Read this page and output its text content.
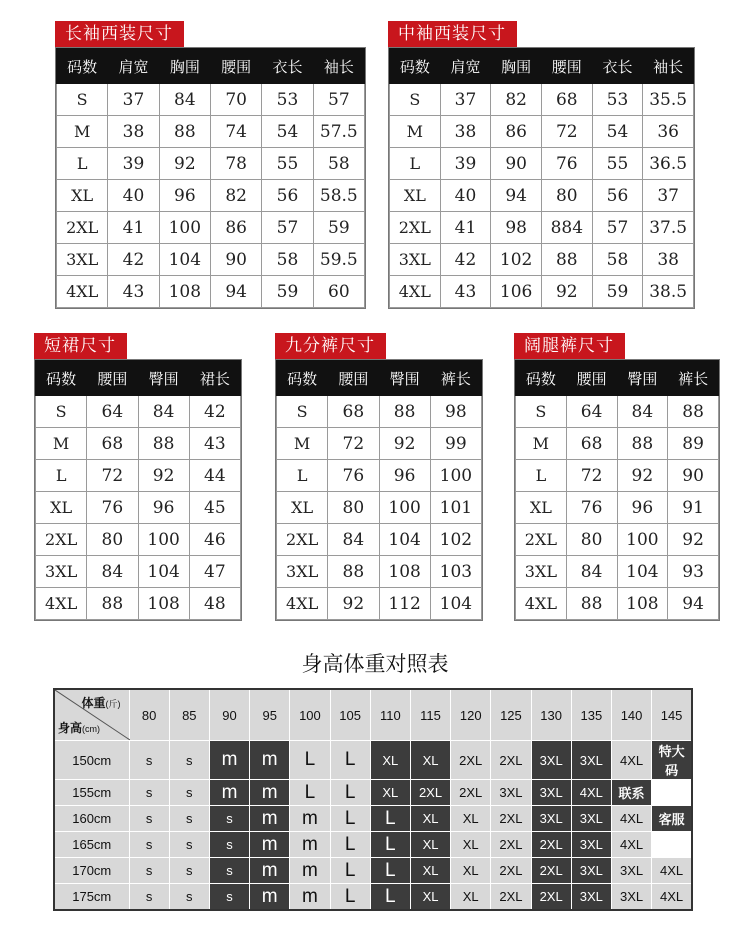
长袖西装尺寸
码数	肩宽	胸围	腰围	衣长	袖长
S	37	84	70	53	57
M	38	88	74	54	57.5
L	39	92	78	55	58
XL	40	96	82	56	58.5
2XL	41	100	86	57	59
3XL	42	104	90	58	59.5
4XL	43	108	94	59	60
中袖西装尺寸
码数	肩宽	胸围	腰围	衣长	袖长
S	37	82	68	53	35.5
M	38	86	72	54	36
L	39	90	76	55	36.5
XL	40	94	80	56	37
2XL	41	98	884	57	37.5
3XL	42	102	88	58	38
4XL	43	106	92	59	38.5
短裙尺寸
码数	腰围	臀围	裙长
S	64	84	42
M	68	88	43
L	72	92	44
XL	76	96	45
2XL	80	100	46
3XL	84	104	47
4XL	88	108	48
九分裤尺寸
码数	腰围	臀围	裤长
S	68	88	98
M	72	92	99
L	76	96	100
XL	80	100	101
2XL	84	104	102
3XL	88	108	103
4XL	92	112	104
阔腿裤尺寸
码数	腰围	臀围	裤长
S	64	84	88
M	68	88	89
L	72	92	90
XL	76	96	91
2XL	80	100	92
3XL	84	104	93
4XL	88	108	94
身高体重对照表
体重(斤)
身高(cm)	80	85	90	95	100	105	110	115	120	125	130	135	140	145
150cm	s	s	m	m	L	L	XL	XL	2XL	2XL	3XL	3XL	4XL	特大码
155cm	s	s	m	m	L	L	XL	2XL	2XL	3XL	3XL	4XL	联系	
160cm	s	s	s	m	m	L	L	XL	XL	2XL	3XL	3XL	4XL	客服
165cm	s	s	s	m	m	L	L	XL	XL	2XL	2XL	3XL	4XL	
170cm	s	s	s	m	m	L	L	XL	XL	2XL	2XL	3XL	3XL	4XL
175cm	s	s	s	m	m	L	L	XL	XL	2XL	2XL	3XL	3XL	4XL
